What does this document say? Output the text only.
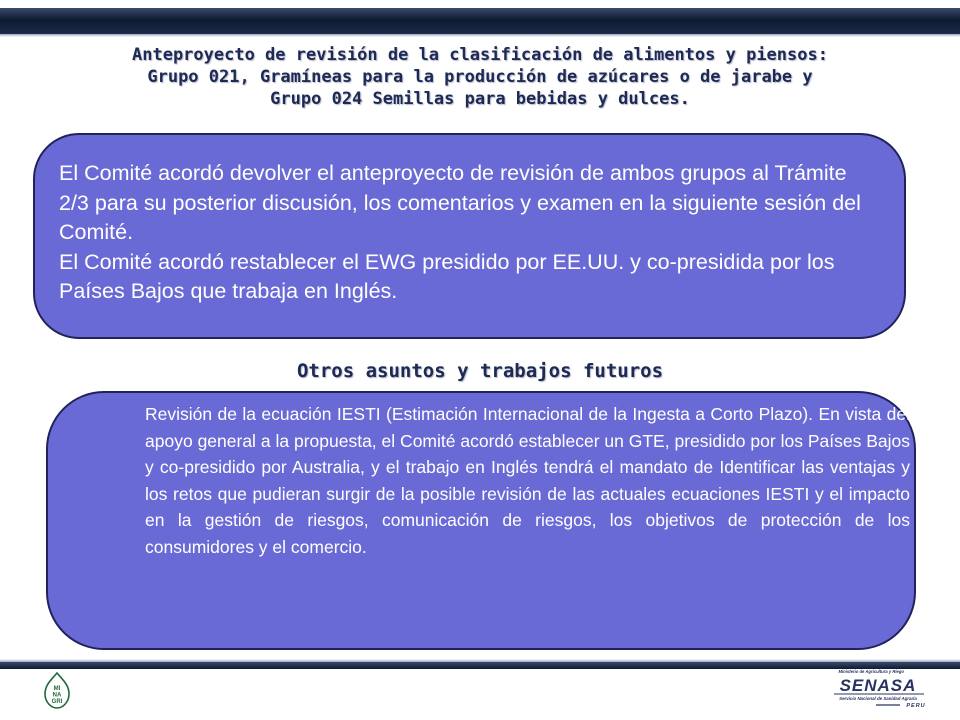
Anteproyecto de revisión de la clasificación de alimentos y piensos:
Grupo 021, Gramíneas para la producción de azúcares o de jarabe y
Grupo 024 Semillas para bebidas y dulces.

El Comité acordó devolver el anteproyecto de revisión de ambos grupos al Trámite 2/3 para su posterior discusión, los comentarios y examen en la siguiente sesión del Comité.

El Comité acordó restablecer el EWG presidido por EE.UU. y co-presidida por los Países Bajos que trabaja en Inglés.

Otros asuntos y trabajos futuros

Revisión de la ecuación IESTI (Estimación Internacional de la Ingesta a Corto Plazo). En vista del apoyo general a la propuesta, el Comité acordó establecer un GTE, presidido por los Países Bajos y co-presidido por Australia, y el trabajo en Inglés tendrá el mandato de Identificar las ventajas y los retos que pudieran surgir de la posible revisión de las actuales ecuaciones IESTI y el impacto en la gestión de riesgos, comunicación de riesgos, los objetivos de protección de los consumidores y el comercio.

MI
NA
GRI
Ministerio de Agricultura y Riego
SENASA
Servicio Nacional de Sanidad Agraria
PERU
